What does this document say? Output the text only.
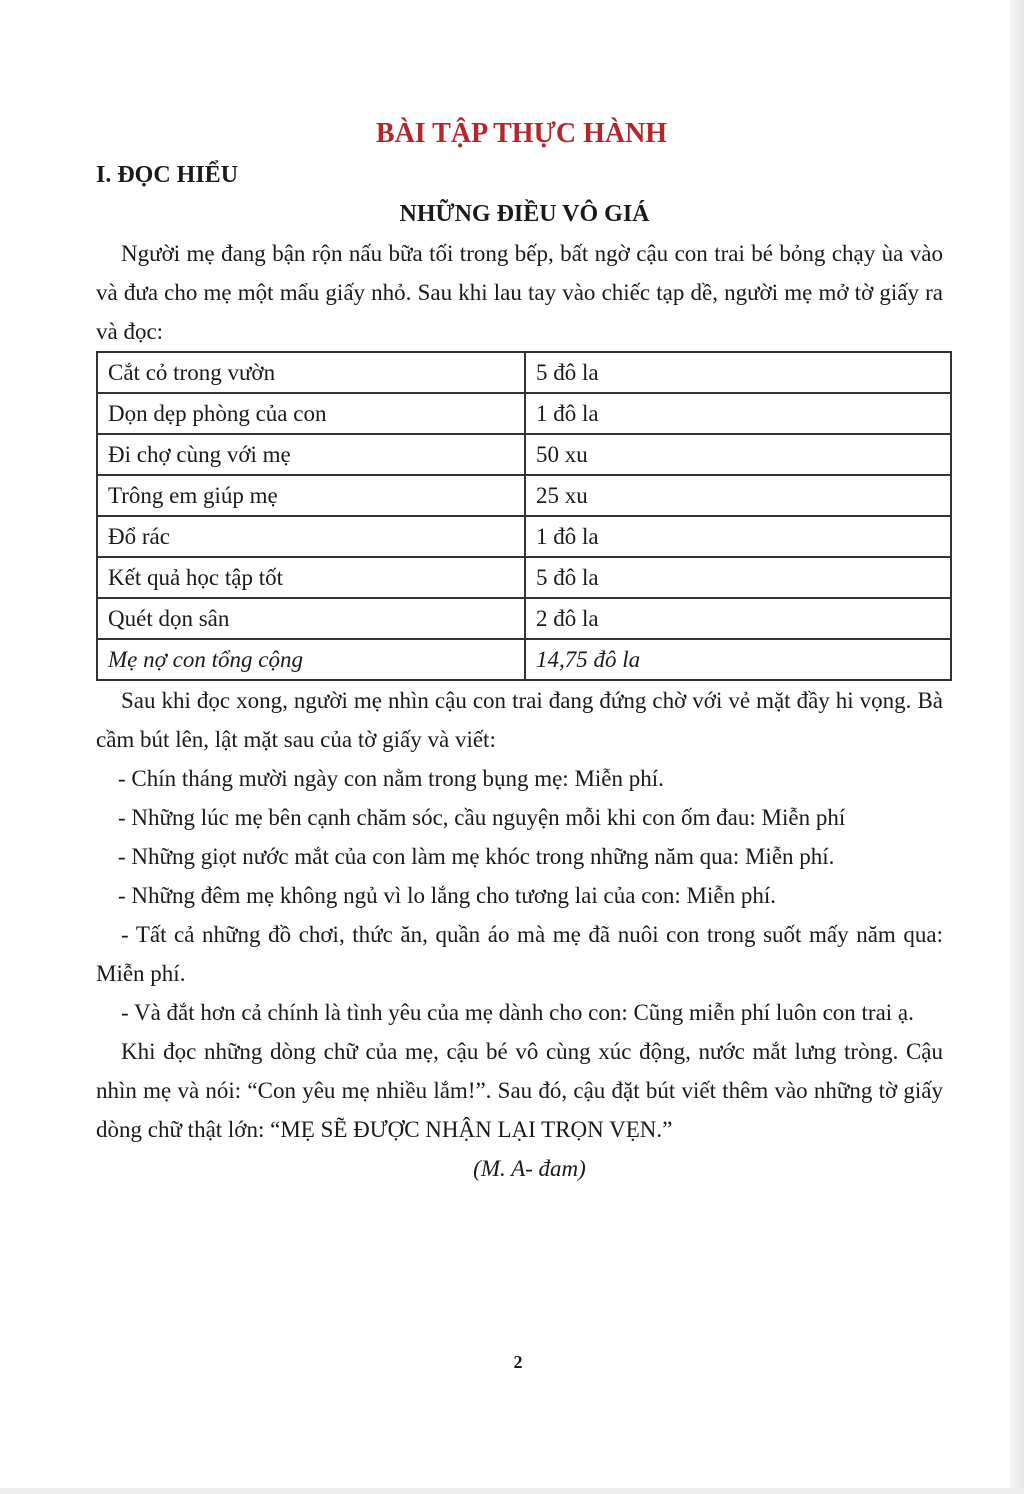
BÀI TẬP THỰC HÀNH
I. ĐỌC HIỂU
NHỮNG ĐIỀU VÔ GIÁ

Người mẹ đang bận rộn nấu bữa tối trong bếp, bất ngờ cậu con trai bé bỏng chạy ùa vào và đưa cho mẹ một mẩu giấy nhỏ. Sau khi lau tay vào chiếc tạp dề, người mẹ mở tờ giấy ra và đọc:

Cắt cỏ trong vườn	5 đô la
Dọn dẹp phòng của con	1 đô la
Đi chợ cùng với mẹ	50 xu
Trông em giúp mẹ	25 xu
Đổ rác	1 đô la
Kết quả học tập tốt	5 đô la
Quét dọn sân	2 đô la
Mẹ nợ con tổng cộng	14,75 đô la

Sau khi đọc xong, người mẹ nhìn cậu con trai đang đứng chờ với vẻ mặt đầy hi vọng. Bà cầm bút lên, lật mặt sau của tờ giấy và viết:

- Chín tháng mười ngày con nằm trong bụng mẹ: Miễn phí.

- Những lúc mẹ bên cạnh chăm sóc, cầu nguyện mỗi khi con ốm đau: Miễn phí

- Những giọt nước mắt của con làm mẹ khóc trong những năm qua: Miễn phí.

- Những đêm mẹ không ngủ vì lo lắng cho tương lai của con: Miễn phí.

- Tất cả những đồ chơi, thức ăn, quần áo mà mẹ đã nuôi con trong suốt mấy năm qua: Miễn phí.

- Và đắt hơn cả chính là tình yêu của mẹ dành cho con: Cũng miễn phí luôn con trai ạ.

Khi đọc những dòng chữ của mẹ, cậu bé vô cùng xúc động, nước mắt lưng tròng. Cậu nhìn mẹ và nói: “Con yêu mẹ nhiều lắm!”. Sau đó, cậu đặt bút viết thêm vào những tờ giấy dòng chữ thật lớn: “MẸ SẼ ĐƯỢC NHẬN LẠI TRỌN VẸN.”

(M. A- đam)

2
